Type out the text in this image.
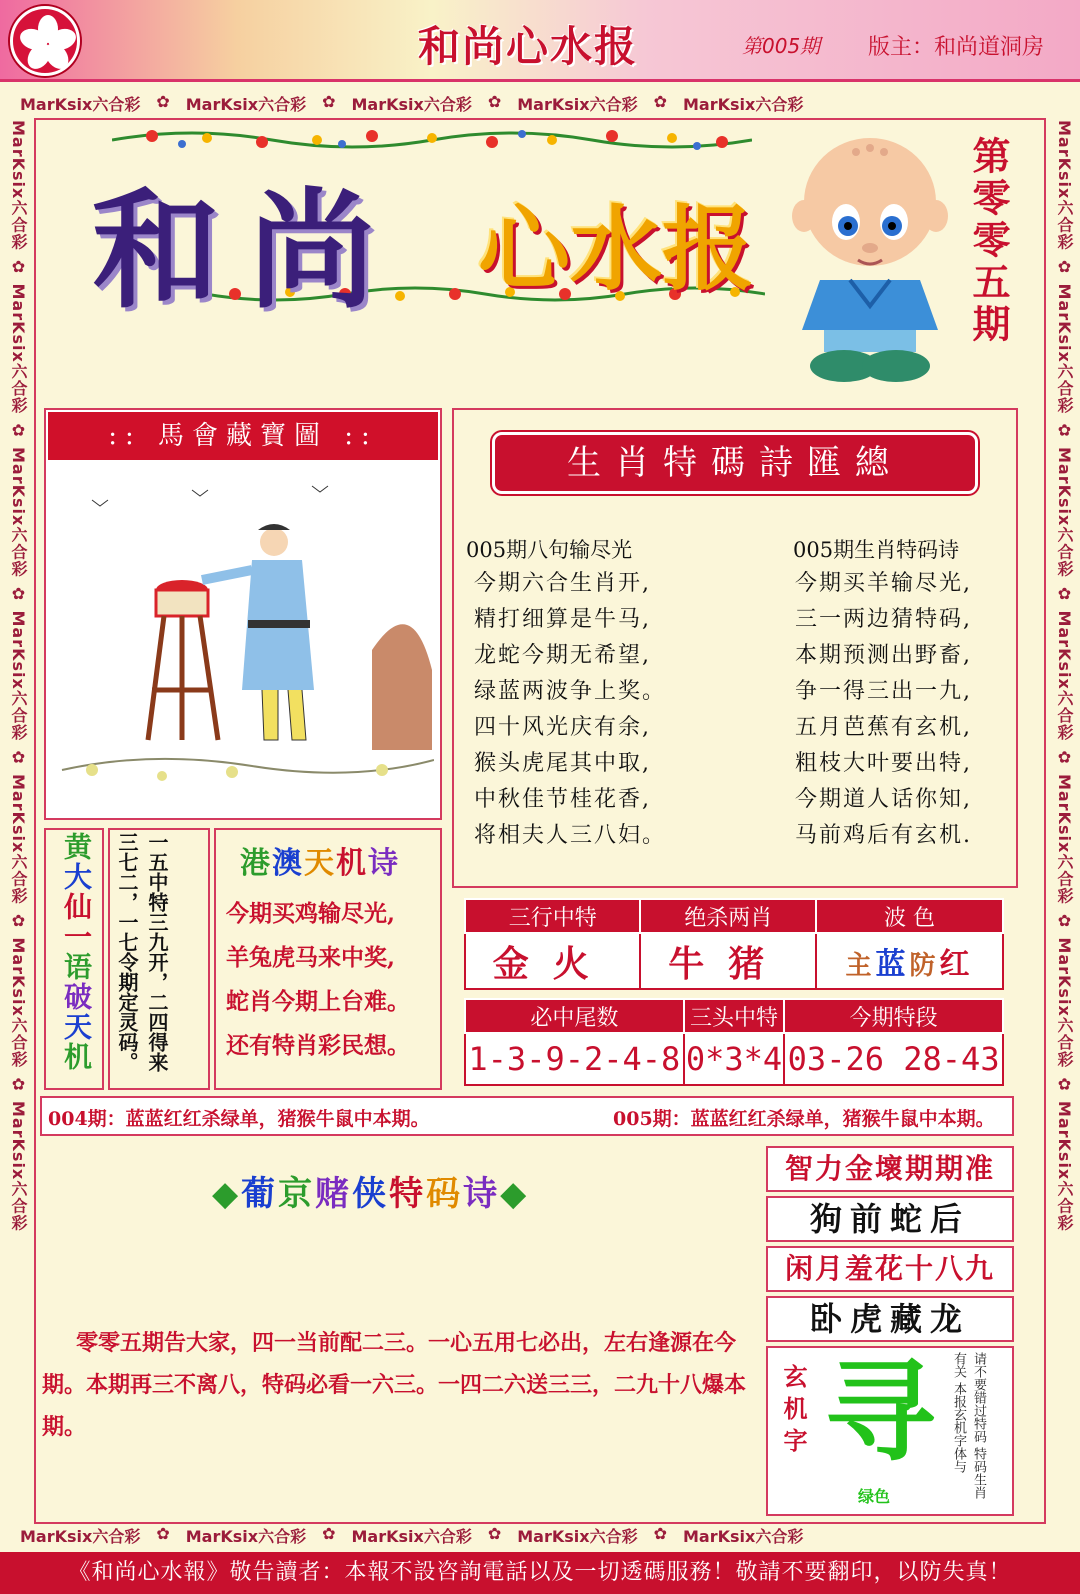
和尚心水报	第005期 版主：和尚道洞房
MarKsix六合彩 ✿ MarKsix六合彩 ✿ MarKsix六合彩 ✿ MarKsix六合彩 ✿ MarKsix六合彩
MarKsix六合彩 ✿ MarKsix六合彩 ✿ MarKsix六合彩 ✿ MarKsix六合彩 ✿ MarKsix六合彩
MarKsix六合彩 ✿ MarKsix六合彩 ✿ MarKsix六合彩 ✿ MarKsix六合彩 ✿ MarKsix六合彩 ✿ MarKsix六合彩 ✿ MarKsix六合彩
MarKsix六合彩 ✿ MarKsix六合彩 ✿ MarKsix六合彩 ✿ MarKsix六合彩 ✿ MarKsix六合彩 ✿ MarKsix六合彩 ✿ MarKsix六合彩
和尚 心水报	第零零五期
:: 馬會藏寶圖 ::
生肖特碼詩匯總
005期八句输尽光	005期生肖特码诗
今期六合生肖开,
精打细算是牛马,
龙蛇今期无希望,
绿蓝两波争上奖。
四十风光庆有余,
猴头虎尾其中取,
中秋佳节桂花香,
将相夫人三八妇。
今期买羊输尽光,
三一两边猜特码,
本期预测出野畜,
争一得三出一九,
五月芭蕉有玄机,
粗枝大叶要出特,
今期道人话你知,
马前鸡后有玄机.
三行中特	绝杀两肖	波 色
金火	牛猪	主蓝防红
必中尾数	三头中特	今期特段
1-3-9-2-4-8	0*3*4	03-26 28-43
黄大仙一语破天机	一五中特三九开，二四得来三七二，一七令期定灵码。	港澳天机诗
今期买鸡输尽光,
羊兔虎马来中奖,
蛇肖今期上台难。
还有特肖彩民想。
004期：蓝蓝红红杀绿单，猪猴牛鼠中本期。	005期：蓝蓝红红杀绿单，猪猴牛鼠中本期。
◆葡京赌侠特码诗◆
零零五期告大家，四一当前配二三。一心五用七必出，左右逢源在今期。本期再三不离八，特码必看一六三。一四二六送三三，二九十八爆本期。
智力金壞期期准
狗前蛇后
闲月羞花十八九
卧虎藏龙
玄机字 寻
绿色	请不要错过特码 特码生肖有关 本报玄机字体与
《和尚心水報》敬告讀者：本報不設咨詢電話以及一切透碼服務！敬請不要翻印，以防失真！
